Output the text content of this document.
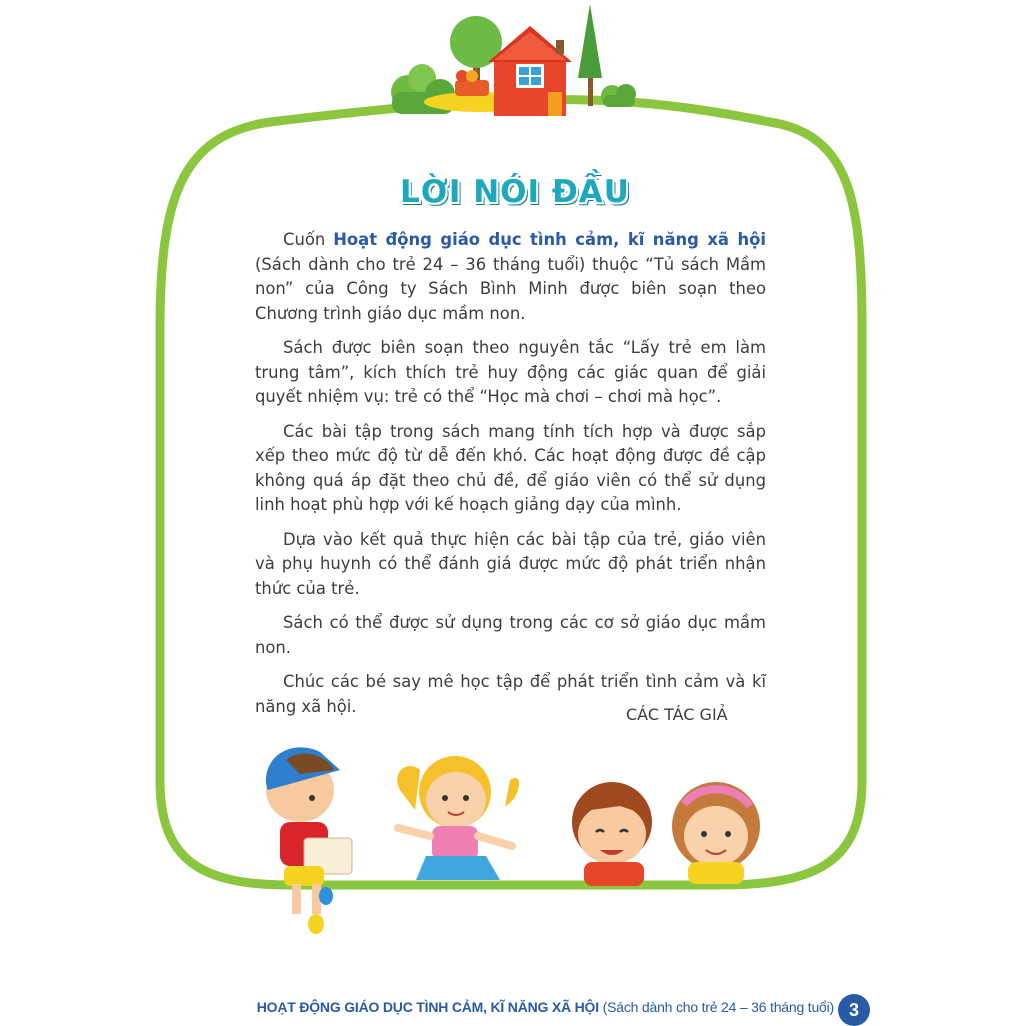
LỜI NÓI ĐẦU

Cuốn Hoạt động giáo dục tình cảm, kĩ năng xã hội (Sách dành cho trẻ 24 – 36 tháng tuổi) thuộc “Tủ sách Mầm non” của Công ty Sách Bình Minh được biên soạn theo Chương trình giáo dục mầm non.

Sách được biên soạn theo nguyên tắc “Lấy trẻ em làm trung tâm”, kích thích trẻ huy động các giác quan để giải quyết nhiệm vụ: trẻ có thể “Học mà chơi – chơi mà học”.

Các bài tập trong sách mang tính tích hợp và được sắp xếp theo mức độ từ dễ đến khó. Các hoạt động được đề cập không quá áp đặt theo chủ đề, để giáo viên có thể sử dụng linh hoạt phù hợp với kế hoạch giảng dạy của mình.

Dựa vào kết quả thực hiện các bài tập của trẻ, giáo viên và phụ huynh có thể đánh giá được mức độ phát triển nhận thức của trẻ.

Sách có thể được sử dụng trong các cơ sở giáo dục mầm non.

Chúc các bé say mê học tập để phát triển tình cảm và kĩ năng xã hội.	CÁC TÁC GIẢ
HOẠT ĐỘNG GIÁO DỤC TÌNH CẢM, KĨ NĂNG XÃ HỘI (Sách dành cho trẻ 24 – 36 tháng tuổi) 3
